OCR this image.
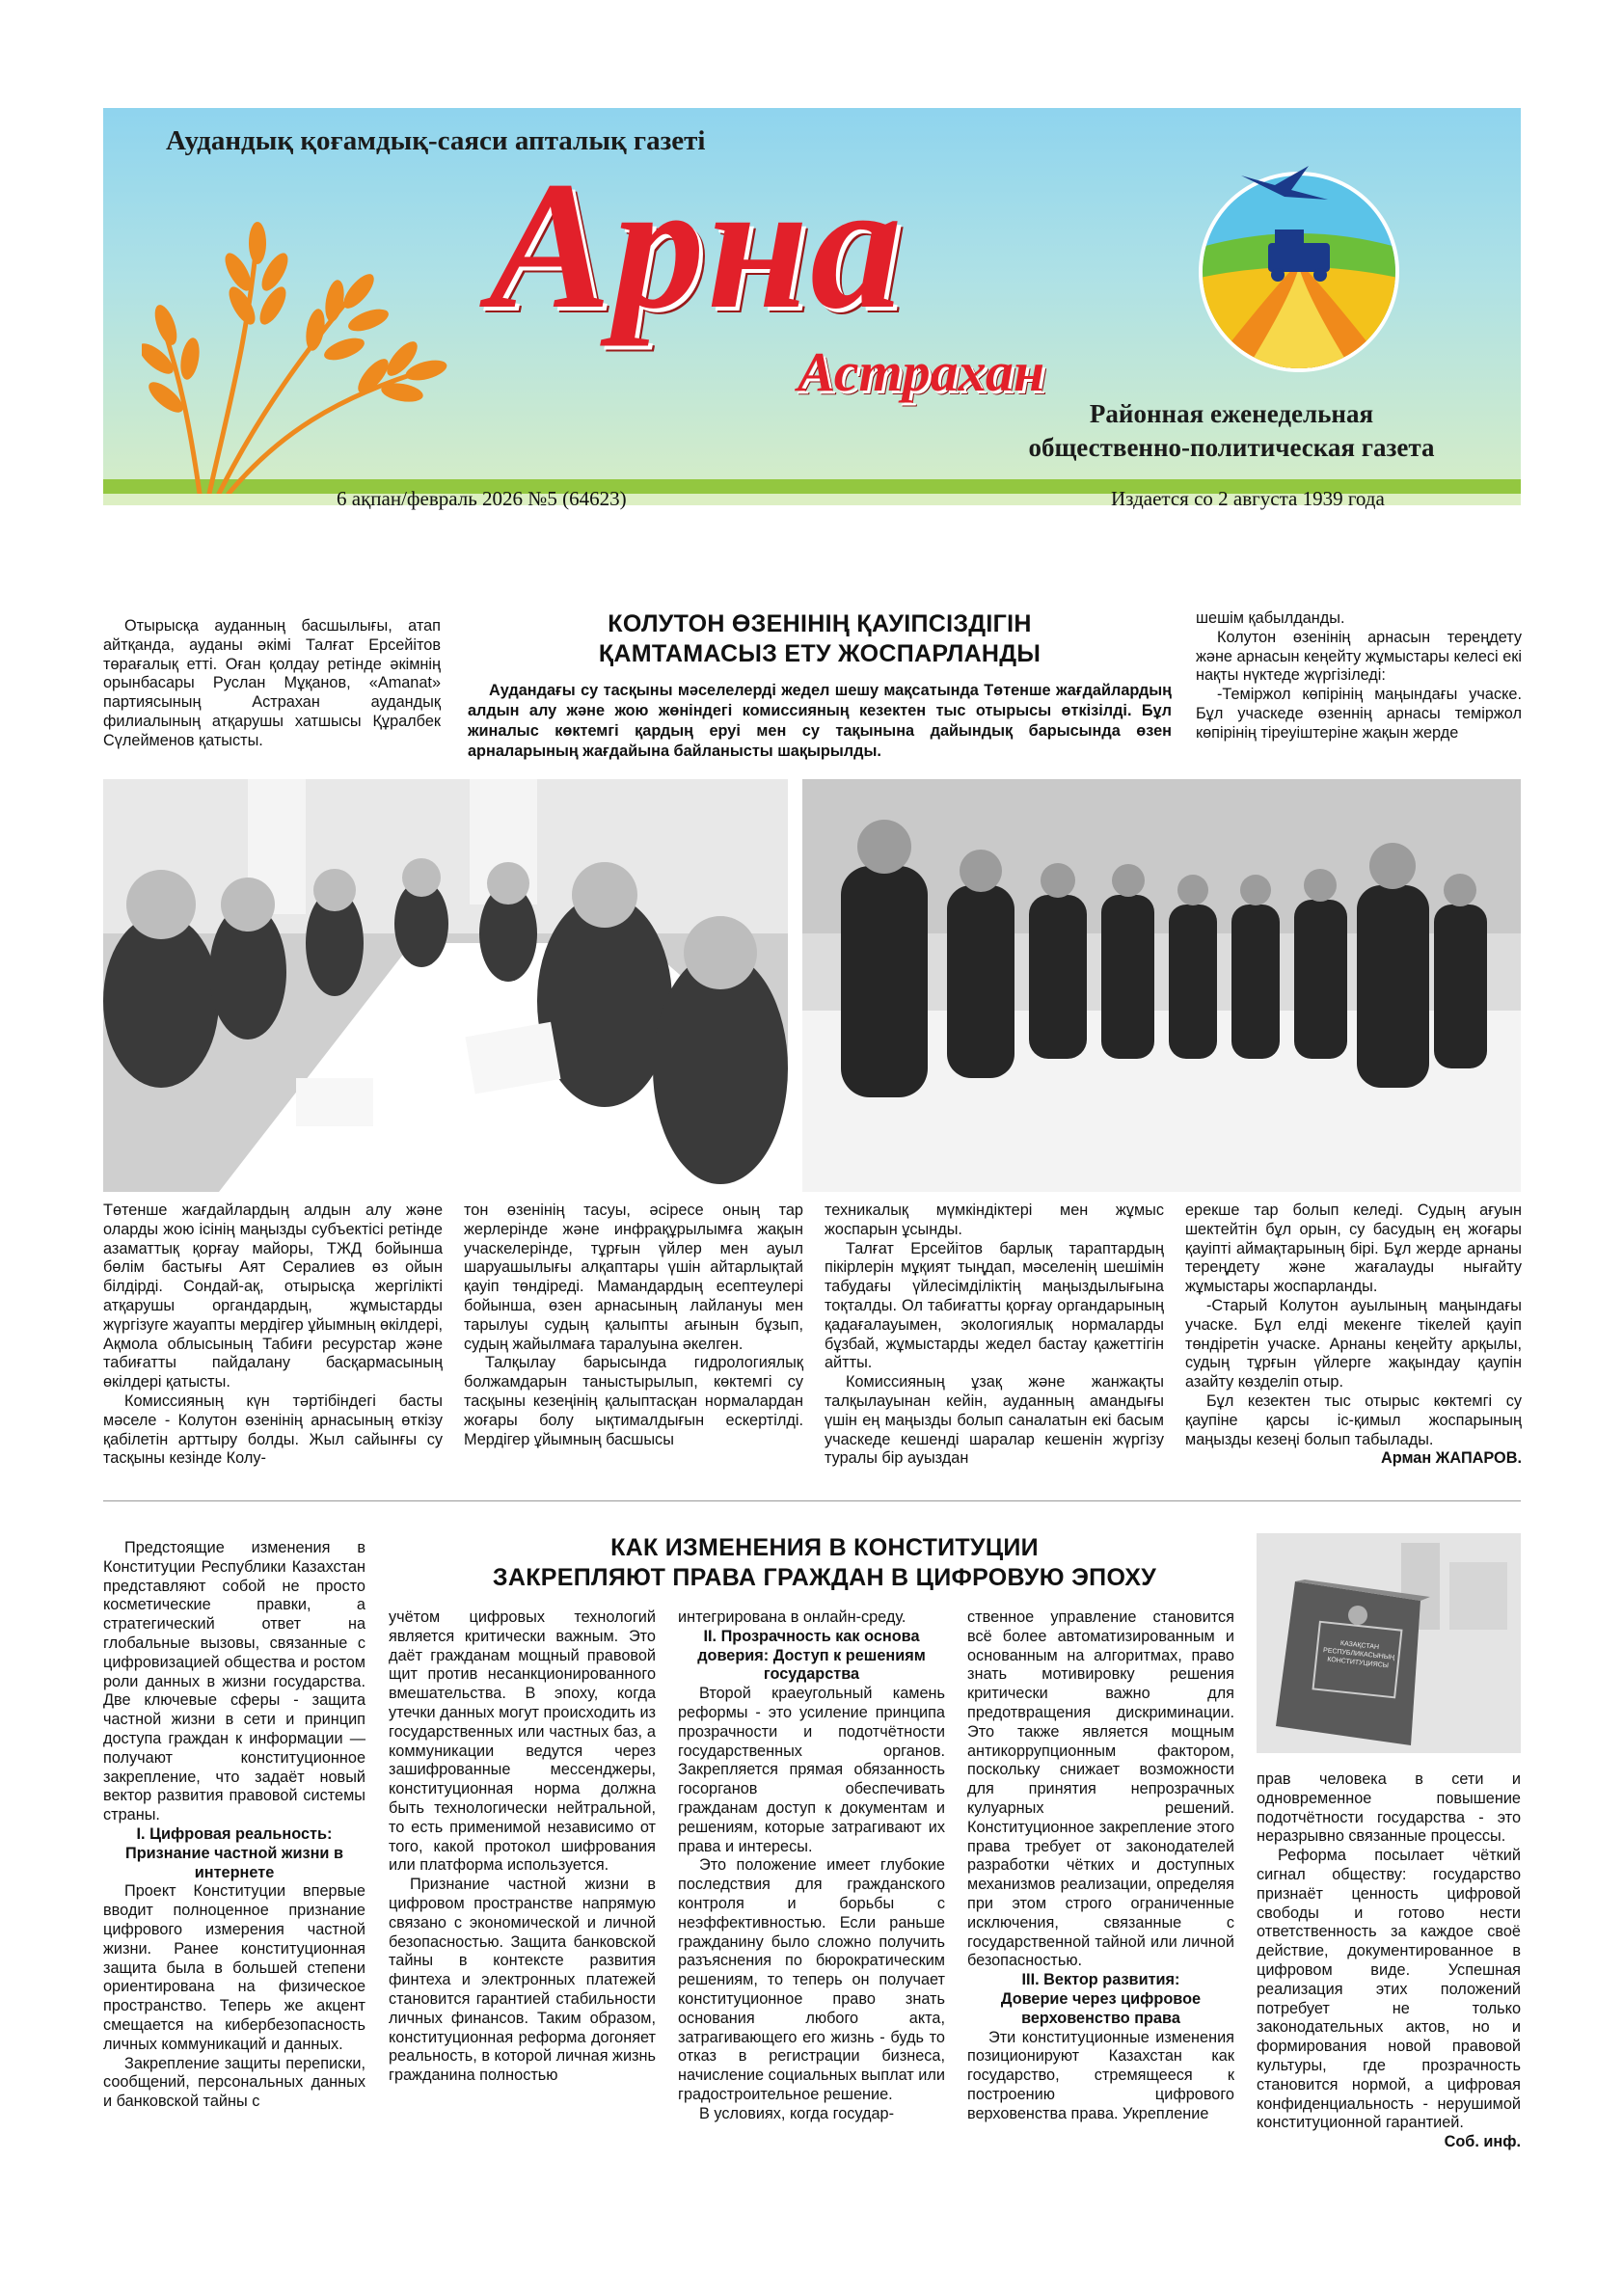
Аудандық қоғамдық-саяси апталық газеті
Арна
Астрахан
Районная еженедельная
общественно-политическая газета
6 ақпан/февраль 2026 №5 (64623)	Издается со 2 августа 1939 года

Отырысқа ауданның басшылығы, атап айтқанда, ауданы әкімі Талғат Ерсейітов төрағалық етті. Оған қолдау ретінде әкімнің орынбасары Руслан Мұқанов, «Amanat» партиясының Астрахан аудандық филиалының атқарушы хатшысы Құралбек Сүлейменов қатысты.

КОЛУТОН ӨЗЕНІНІҢ ҚАУІПСІЗДІГІН
ҚАМТАМАСЫЗ ЕТУ ЖОСПАРЛАНДЫ
Аудандағы су тасқыны мәселелерді жедел шешу мақсатында Төтенше жағдайлардың алдын алу және жою жөніндегі комиссияның кезектен тыс отырысы өткізілді. Бұл жиналыс көктемгі қардың еруі мен су тақынына дайындық барысында өзен арналарының жағдайына байланысты шақырылды.

шешім қабылданды.

Колутон өзенінің арнасын тереңдету және арнасын кеңейту жұмыстары келесі екі нақты нүктеде жүргізіледі:

-Теміржол көпірінің маңындағы учаске. Бұл учаскеде өзеннің арнасы теміржол көпірінің тіреуіштеріне жақын жерде

Төтенше жағдайлардың алдын алу және оларды жою ісінің маңызды субъектісі ретінде азаматтық қорғау майоры, ТЖД бойынша бөлім бастығы Аят Сералиев өз ойын білдірді. Сондай-ақ, отырысқа жергілікті атқарушы органдардың, жұмыстарды жүргізуге жауапты мердігер ұйымның өкілдері, Ақмола облысының Табиғи ресурстар және табиғатты пайдалану басқармасының өкілдері қатысты.

Комиссияның күн тәртібіндегі басты мәселе - Колутон өзенінің арнасының өткізу қабілетін арттыру болды. Жыл сайынғы су тасқыны кезінде Колу-

тон өзенінің тасуы, әсіресе оның тар жерлерінде және инфрақұрылымға жақын учаскелерінде, тұрғын үйлер мен ауыл шаруашылығы алқаптары үшін айтарлықтай қауіп төндіреді. Мамандардың есептеулері бойынша, өзен арнасының лайлануы мен тарылуы судың қалыпты ағынын бұзып, судың жайылмаға таралуына әкелген.

Талқылау барысында гидрологиялық болжамдарын таныстырылып, көктемгі су тасқыны кезеңінің қалыптасқан нормалардан жоғары болу ықтималдығын ескертілді. Мердігер ұйымның басшысы

техникалық мүмкіндіктері мен жұмыс жоспарын ұсынды.

Талғат Ерсейітов барлық тараптардың пікірлерін мұқият тыңдап, мәселенің шешімін табудағы үйлесімділіктің маңыздылығына тоқталды. Ол табиғатты қорғау органдарының қадағалауымен, экологиялық нормаларды бұзбай, жұмыстарды жедел бастау қажеттігін айтты.

Комиссияның ұзақ және жанжақты талқылауынан кейін, ауданның амандығы үшін ең маңызды болып саналатын екі басым учаскеде кешенді шаралар кешенін жүргізу туралы бір ауыздан

ерекше тар болып келеді. Судың ағуын шектейтін бұл орын, су басудың ең жоғары қауіпті аймақтарының бірі. Бұл жерде арнаны тереңдету және жағалауды нығайту жұмыстары жоспарланды.

-Старый Колутон ауылының маңындағы учаске. Бұл елді мекенге тікелей қауіп төндіретін учаске. Арнаны кеңейту арқылы, судың тұрғын үйлерге жақындау қаупін азайту көзделіп отыр.

Бұл кезектен тыс отырыс көктемгі су қаупіне қарсы іс-қимыл жоспарының маңызды кезеңі болып табылады.

Арман ЖАПАРОВ.

Предстоящие изменения в Конституции Республики Казахстан представляют собой не просто косметические правки, а стратегический ответ на глобальные вызовы, связанные с цифровизацией общества и ростом роли данных в жизни государства. Две ключевые сферы - защита частной жизни в сети и принцип доступа граждан к информации — получают конституционное закрепление, что задаёт новый вектор развития правовой системы страны.

I. Цифровая реальность:
Признание частной жизни в интернете

Проект Конституции впервые вводит полноценное признание цифрового измерения частной жизни. Ранее конституционная защита была в большей степени ориентирована на физическое пространство. Теперь же акцент смещается на кибербезопасность личных коммуникаций и данных.

Закрепление защиты переписки, сообщений, персональных данных и банковской тайны с

КАК ИЗМЕНЕНИЯ В КОНСТИТУЦИИ
ЗАКРЕПЛЯЮТ ПРАВА ГРАЖДАН В ЦИФРОВУЮ ЭПОХУ

учётом цифровых технологий является критически важным. Это даёт гражданам мощный правовой щит против несанкционированного вмешательства. В эпоху, когда утечки данных могут происходить из государственных или частных баз, а коммуникации ведутся через зашифрованные мессенджеры, конституционная норма должна быть технологически нейтральной, то есть применимой независимо от того, какой протокол шифрования или платформа используется.

Признание частной жизни в цифровом пространстве напрямую связано с экономической и личной безопасностью. Защита банковской тайны в контексте развития финтеха и электронных платежей становится гарантией стабильности личных финансов. Таким образом, конституционная реформа догоняет реальность, в которой личная жизнь гражданина полностью

интегрирована в онлайн-среду.

II. Прозрачность как основа
доверия: Доступ к решениям государства

Второй краеугольный камень реформы - это усиление принципа прозрачности и подотчётности государственных органов. Закрепляется прямая обязанность госорганов обеспечивать гражданам доступ к документам и решениям, которые затрагивают их права и интересы.

Это положение имеет глубокие последствия для гражданского контроля и борьбы с неэффективностью. Если раньше гражданину было сложно получить разъяснения по бюрократическим решениям, то теперь он получает конституционное право знать основания любого акта, затрагивающего его жизнь - будь то отказ в регистрации бизнеса, начисление социальных выплат или градостроительное решение.

В условиях, когда государ-

ственное управление становится всё более автоматизированным и основанным на алгоритмах, право знать мотивировку решения критически важно для предотвращения дискриминации. Это также является мощным антикоррупционным фактором, поскольку снижает возможности для принятия непрозрачных кулуарных решений. Конституционное закрепление этого права требует от законодателей разработки чётких и доступных механизмов реализации, определяя при этом строго ограниченные исключения, связанные с государственной тайной или личной безопасностью.

III. Вектор развития:
Доверие через цифровое верховенство права

Эти конституционные изменения позиционируют Казахстан как государство, стремящееся к построению цифрового верховенства права. Укрепление

КАЗАҚСТАН РЕСПУБЛИКАСЫНЫҢ КОНСТИТУЦИЯСЫ

прав человека в сети и одновременное повышение подотчётности государства - это неразрывно связанные процессы.

Реформа посылает чёткий сигнал обществу: государство признаёт ценность цифровой свободы и готово нести ответственность за каждое своё действие, документированное в цифровом виде. Успешная реализация этих положений потребует не только законодательных актов, но и формирования новой правовой культуры, где прозрачность становится нормой, а цифровая конфиденциальность - нерушимой конституционной гарантией.

Соб. инф.
